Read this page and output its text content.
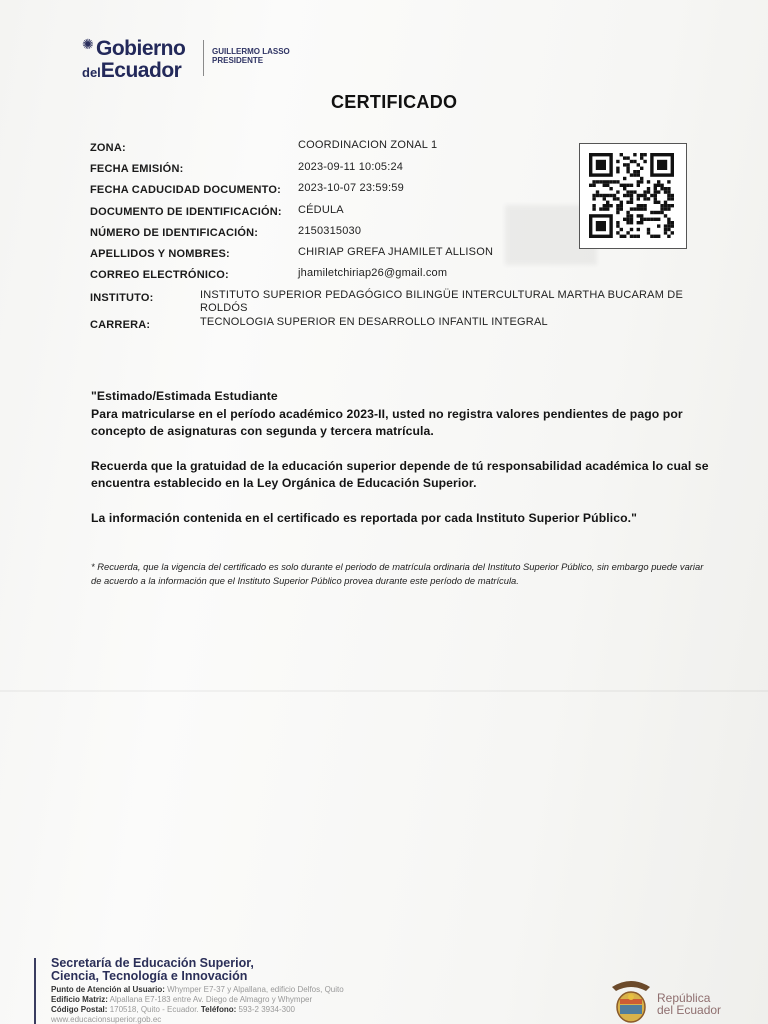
✺ Gobierno
delEcuador
GUILLERMO LASSO
PRESIDENTE
CERTIFICADO
ZONA:	COORDINACION ZONAL 1
FECHA EMISIÓN:	2023-09-11 10:05:24
FECHA CADUCIDAD DOCUMENTO: 2023-10-07 23:59:59
DOCUMENTO DE IDENTIFICACIÓN: CÉDULA
NÚMERO DE IDENTIFICACIÓN:	2150315030
APELLIDOS Y NOMBRES:	CHIRIAP GREFA JHAMILET ALLISON
CORREO ELECTRÓNICO:	jhamiletchiriap26@gmail.com
INSTITUTO:	INSTITUTO SUPERIOR PEDAGÓGICO BILINGÜE INTERCULTURAL MARTHA BUCARAM DE ROLDÓS
CARRERA:	TECNOLOGIA SUPERIOR EN DESARROLLO INFANTIL INTEGRAL
"Estimado/Estimada Estudiante
Para matricularse en el período académico 2023-II, usted no registra valores pendientes de pago por concepto de asignaturas con segunda y tercera matrícula.
Recuerda que la gratuidad de la educación superior depende de tú responsabilidad académica lo cual se encuentra establecido en la Ley Orgánica de Educación Superior.
La información contenida en el certificado es reportada por cada Instituto Superior Público."
* Recuerda, que la vigencia del certificado es solo durante el periodo de matrícula ordinaria del Instituto Superior Público, sin embargo puede variar de acuerdo a la información que el Instituto Superior Público provea durante este período de matrícula.
Secretaría de Educación Superior,
Ciencia, Tecnología e Innovación
Punto de Atención al Usuario: Whymper E7-37 y Alpallana, edificio Delfos, Quito
Edificio Matriz: Alpallana E7-183 entre Av. Diego de Almagro y Whymper
Código Postal: 170518, Quito - Ecuador. Teléfono: 593-2 3934-300
www.educacionsuperior.gob.ec
República
del Ecuador
